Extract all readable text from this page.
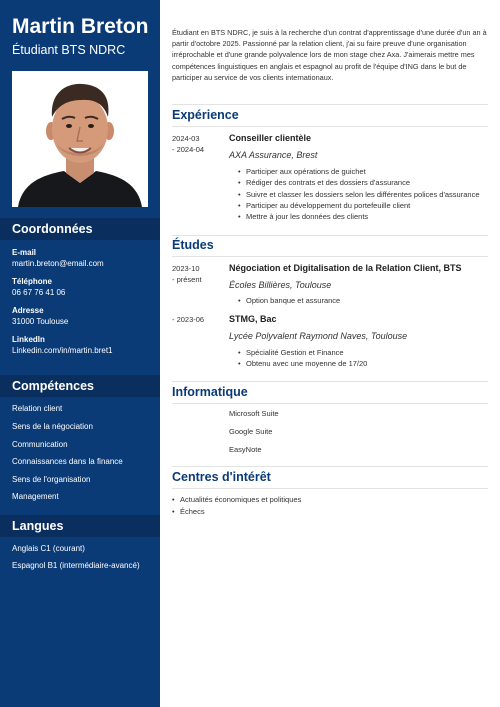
Martin Breton
Étudiant BTS NDRC
Coordonnées
E-mail
martin.breton@email.com
Téléphone
06 67 76 41 06
Adresse
31000 Toulouse
LinkedIn
Linkedin.com/in/martin.bret1
Compétences
Relation client
Sens de la négociation
Communication
Connaissances dans la finance
Sens de l'organisation
Management
Langues
Anglais C1 (courant)
Espagnol B1 (intermédiaire-avancé)
Étudiant en BTS NDRC, je suis à la recherche d'un contrat d'apprentissage d'une durée d'un an à partir d'octobre 2025. Passionné par la relation client, j'ai su faire preuve d'une organisation irréprochable et d'une grande polyvalence lors de mon stage chez Axa. J'aimerais mettre mes compétences linguistiques en anglais et espagnol au profit de l'équipe d'ING dans le but de participer au service de vos clients internationaux.
Expérience
2024-03
- 2024-04
Conseiller clientèle
AXA Assurance, Brest
• Participer aux opérations de guichet
• Rédiger des contrats et des dossiers d'assurance
• Suivre et classer les dossiers selon les différentes polices d'assurance
• Participer au développement du portefeuille client
• Mettre à jour les données des clients
Études
2023-10
- présent
Négociation et Digitalisation de la Relation Client, BTS
Écoles Billières, Toulouse
• Option banque et assurance
- 2023-06	STMG, Bac
Lycée Polyvalent Raymond Naves, Toulouse
• Spécialité Gestion et Finance
• Obtenu avec une moyenne de 17/20
Informatique
Microsoft Suite
Google Suite
EasyNote
Centres d'intérêt
• Actualités économiques et politiques
• Échecs
